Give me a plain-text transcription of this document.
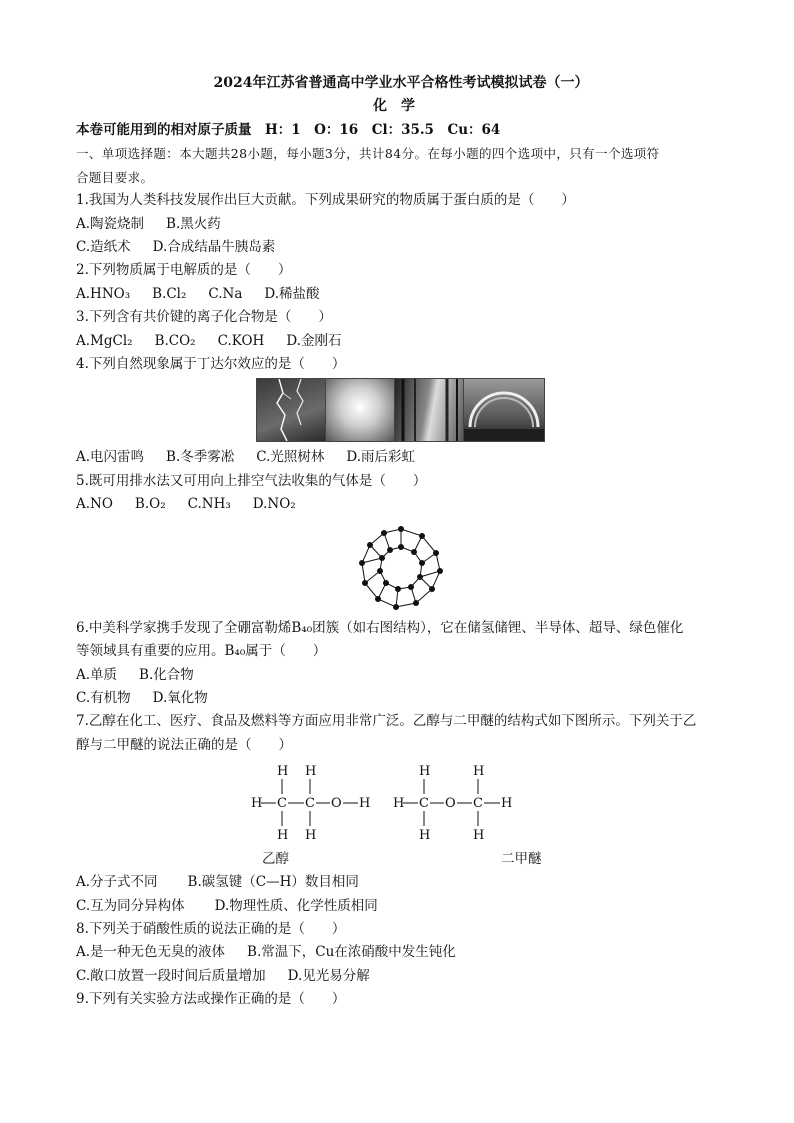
2024年江苏省普通高中学业水平合格性考试模拟试卷（一）
化学
本卷可能用到的相对原子质量　H：1　O：16　Cl：35.5　Cu：64
一、单项选择题：本大题共28小题，每小题3分，共计84分。在每小题的四个选项中，只有一个选项符
合题目要求。
1.我国为人类科技发展作出巨大贡献。下列成果研究的物质属于蛋白质的是（　　）
A.陶瓷烧制 B.黑火药
C.造纸术 D.合成结晶牛胰岛素
2.下列物质属于电解质的是（　　）
A.HNO₃ B.Cl₂ C.Na D.稀盐酸
3.下列含有共价键的离子化合物是（　　）
A.MgCl₂ B.CO₂ C.KOH D.金刚石
4.下列自然现象属于丁达尔效应的是（　　）
A.电闪雷鸣 B.冬季雾凇 C.光照树林 D.雨后彩虹
5.既可用排水法又可用向上排空气法收集的气体是（　　）
A.NO B.O₂ C.NH₃ D.NO₂
6.中美科学家携手发现了全硼富勒烯B₄₀团簇（如右图结构），它在储氢储锂、半导体、超导、绿色催化
等领域具有重要的应用。B₄₀属于（　　）
A.单质 B.化合物
C.有机物 D.氧化物
7.乙醇在化工、医疗、食品及燃料等方面应用非常广泛。乙醇与二甲醚的结构式如下图所示。下列关于乙
醇与二甲醚的说法正确的是（　　）
H H
H C C O H
H H
H	H
H C O C H
H	H
乙醇	二甲醚
A.分子式不同 B.碳氢键（C—H）数目相同
C.互为同分异构体 D.物理性质、化学性质相同
8.下列关于硝酸性质的说法正确的是（　　）
A.是一种无色无臭的液体 B.常温下，Cu在浓硝酸中发生钝化
C.敞口放置一段时间后质量增加 D.见光易分解
9.下列有关实验方法或操作正确的是（　　）
